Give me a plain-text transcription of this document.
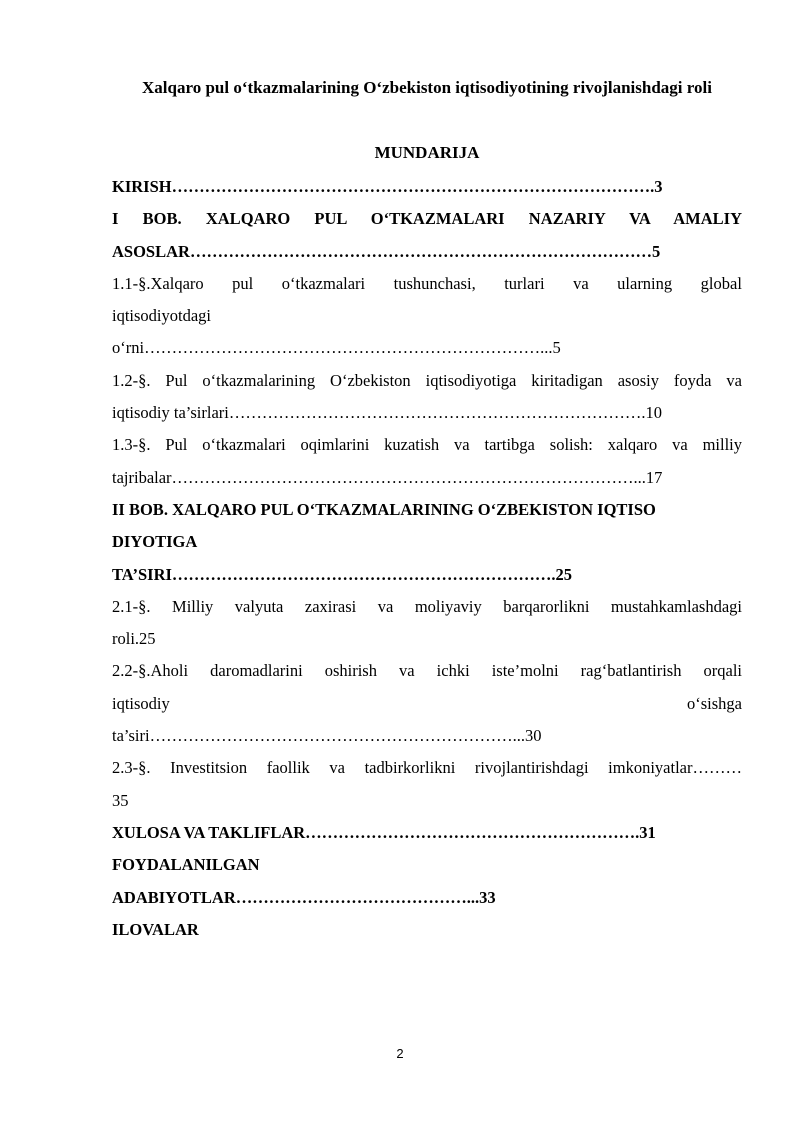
Xalqaro pul o‘tkazmalarining O‘zbekiston iqtisodiyotining rivojlanishdagi roli
MUNDARIJA

KIRISH…………………………………………………………………………….3

I BOB. XALQARO PUL O‘TKAZMALARI NAZARIY VA AMALIY

ASOSLAR…………………………………………………………………………5

1.1-§.Xalqaro pul o‘tkazmalari tushunchasi, turlari va ularning global

iqtisodiyotdagi

o‘rni………………………………………………………………...5

1.2-§. Pul o‘tkazmalarining O‘zbekiston iqtisodiyotiga kiritadigan asosiy foyda va

iqtisodiy ta’sirlari………………………………………………………………….10

1.3-§. Pul o‘tkazmalari oqimlarini kuzatish va tartibga solish: xalqaro va milliy

tajribalar…………………………………………………………………………...17

II BOB. XALQARO PUL O‘TKAZMALARINING O‘ZBEKISTON IQTISO

DIYOTIGA

TA’SIRI…………………………………………………………….25

2.1-§. Milliy valyuta zaxirasi va moliyaviy barqarorlikni mustahkamlashdagi

roli.25

2.2-§.Aholi daromadlarini oshirish va ichki iste’molni rag‘batlantirish orqali

iqtisodiy	o‘sishga

ta’siri…………………………………………………………...30

2.3-§. Investitsion faollik va tadbirkorlikni rivojlantirishdagi imkoniyatlar………

35

XULOSA VA TAKLIFLAR…………………………………………………….31

FOYDALANILGAN

ADABIYOTLAR……………………………………...33

ILOVALAR

2
